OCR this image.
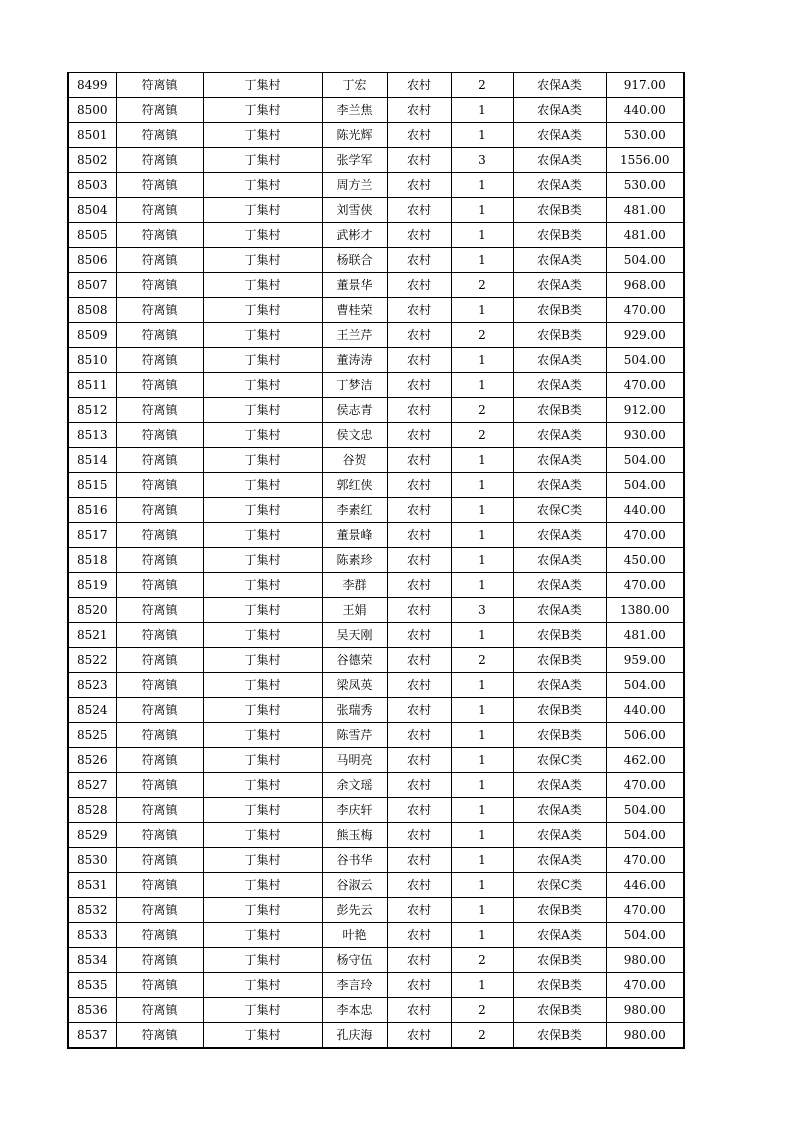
8499	符离镇	丁集村	丁宏	农村	2	农保A类	917.00
8500	符离镇	丁集村	李兰焦	农村	1	农保A类	440.00
8501	符离镇	丁集村	陈光辉	农村	1	农保A类	530.00
8502	符离镇	丁集村	张学军	农村	3	农保A类	1556.00
8503	符离镇	丁集村	周方兰	农村	1	农保A类	530.00
8504	符离镇	丁集村	刘雪侠	农村	1	农保B类	481.00
8505	符离镇	丁集村	武彬才	农村	1	农保B类	481.00
8506	符离镇	丁集村	杨联合	农村	1	农保A类	504.00
8507	符离镇	丁集村	董景华	农村	2	农保A类	968.00
8508	符离镇	丁集村	曹桂荣	农村	1	农保B类	470.00
8509	符离镇	丁集村	王兰芹	农村	2	农保B类	929.00
8510	符离镇	丁集村	董涛涛	农村	1	农保A类	504.00
8511	符离镇	丁集村	丁梦洁	农村	1	农保A类	470.00
8512	符离镇	丁集村	侯志青	农村	2	农保B类	912.00
8513	符离镇	丁集村	侯文忠	农村	2	农保A类	930.00
8514	符离镇	丁集村	谷贺	农村	1	农保A类	504.00
8515	符离镇	丁集村	郭红侠	农村	1	农保A类	504.00
8516	符离镇	丁集村	李素红	农村	1	农保C类	440.00
8517	符离镇	丁集村	董景峰	农村	1	农保A类	470.00
8518	符离镇	丁集村	陈素珍	农村	1	农保A类	450.00
8519	符离镇	丁集村	李群	农村	1	农保A类	470.00
8520	符离镇	丁集村	王娟	农村	3	农保A类	1380.00
8521	符离镇	丁集村	吴天刚	农村	1	农保B类	481.00
8522	符离镇	丁集村	谷德荣	农村	2	农保B类	959.00
8523	符离镇	丁集村	梁凤英	农村	1	农保A类	504.00
8524	符离镇	丁集村	张瑞秀	农村	1	农保B类	440.00
8525	符离镇	丁集村	陈雪芹	农村	1	农保B类	506.00
8526	符离镇	丁集村	马明亮	农村	1	农保C类	462.00
8527	符离镇	丁集村	余文瑶	农村	1	农保A类	470.00
8528	符离镇	丁集村	李庆轩	农村	1	农保A类	504.00
8529	符离镇	丁集村	熊玉梅	农村	1	农保A类	504.00
8530	符离镇	丁集村	谷书华	农村	1	农保A类	470.00
8531	符离镇	丁集村	谷淑云	农村	1	农保C类	446.00
8532	符离镇	丁集村	彭先云	农村	1	农保B类	470.00
8533	符离镇	丁集村	叶艳	农村	1	农保A类	504.00
8534	符离镇	丁集村	杨守伍	农村	2	农保B类	980.00
8535	符离镇	丁集村	李言玲	农村	1	农保B类	470.00
8536	符离镇	丁集村	李本忠	农村	2	农保B类	980.00
8537	符离镇	丁集村	孔庆海	农村	2	农保B类	980.00
